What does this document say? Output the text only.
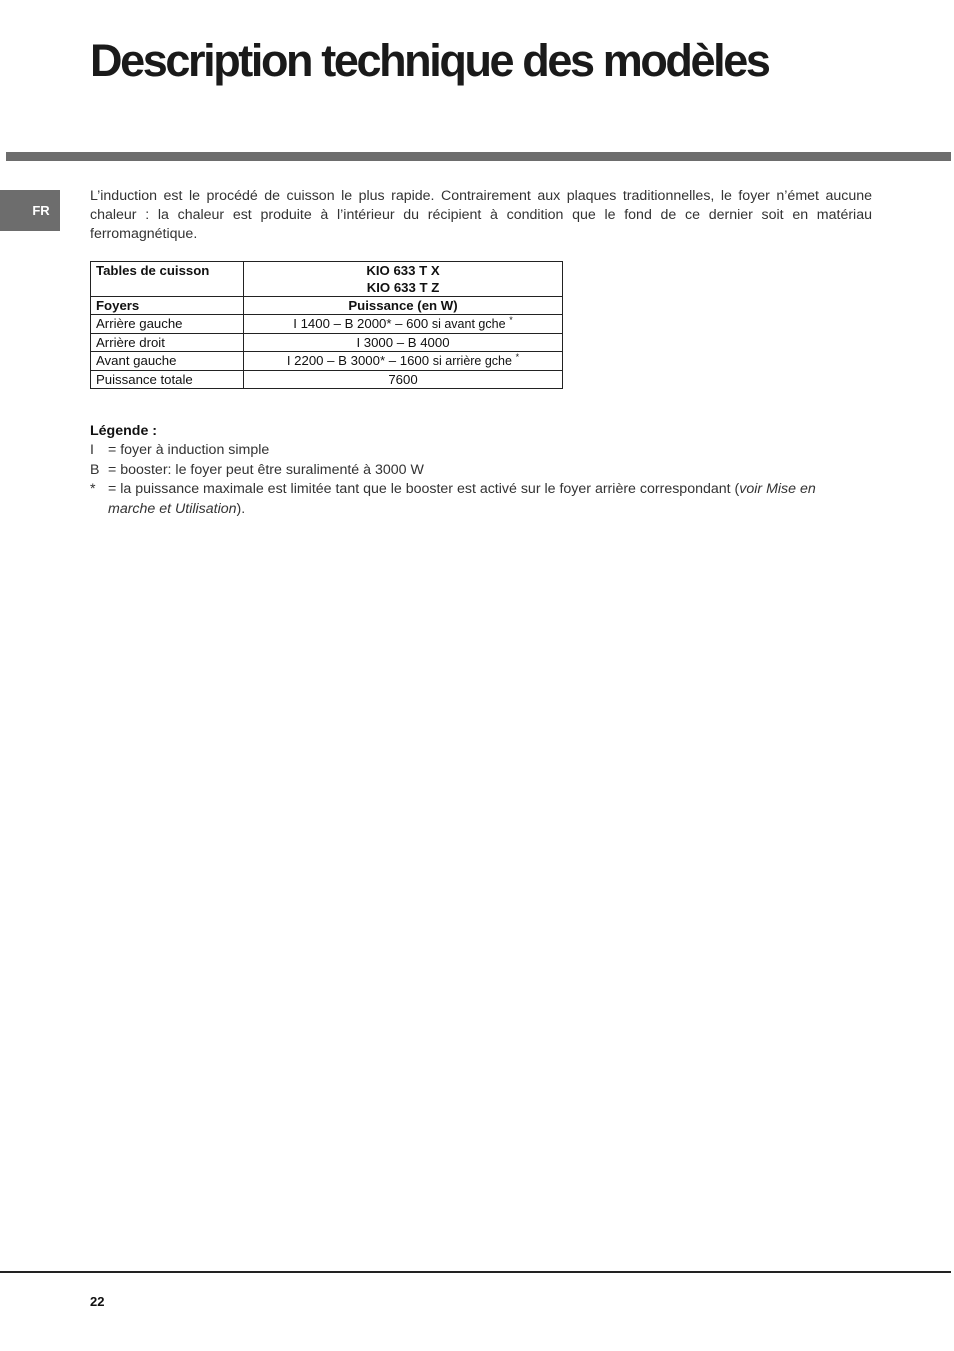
Description technique des modèles
FR

L’induction est le procédé de cuisson le plus rapide. Contrairement aux plaques traditionnelles, le foyer n’émet aucune chaleur : la chaleur est produite à l’intérieur du récipient à condition que le fond de ce dernier soit en matériau ferromagnétique.

Tables de cuisson	KIO 633 T X
KIO 633 T Z

Foyers	Puissance (en W)
Arrière gauche	I 1400 – B 2000* – 600 si avant gche *
Arrière droit	I 3000 – B 4000
Avant gauche	I 2200 – B 3000* – 1600 si arrière gche *
Puissance totale	7600
Légende :
I = foyer à induction simple
B = booster: le foyer peut être suralimenté à 3000 W
* = la puissance maximale est limitée tant que le booster est activé sur le foyer arrière correspondant (voir Mise en marche et Utilisation).
22
